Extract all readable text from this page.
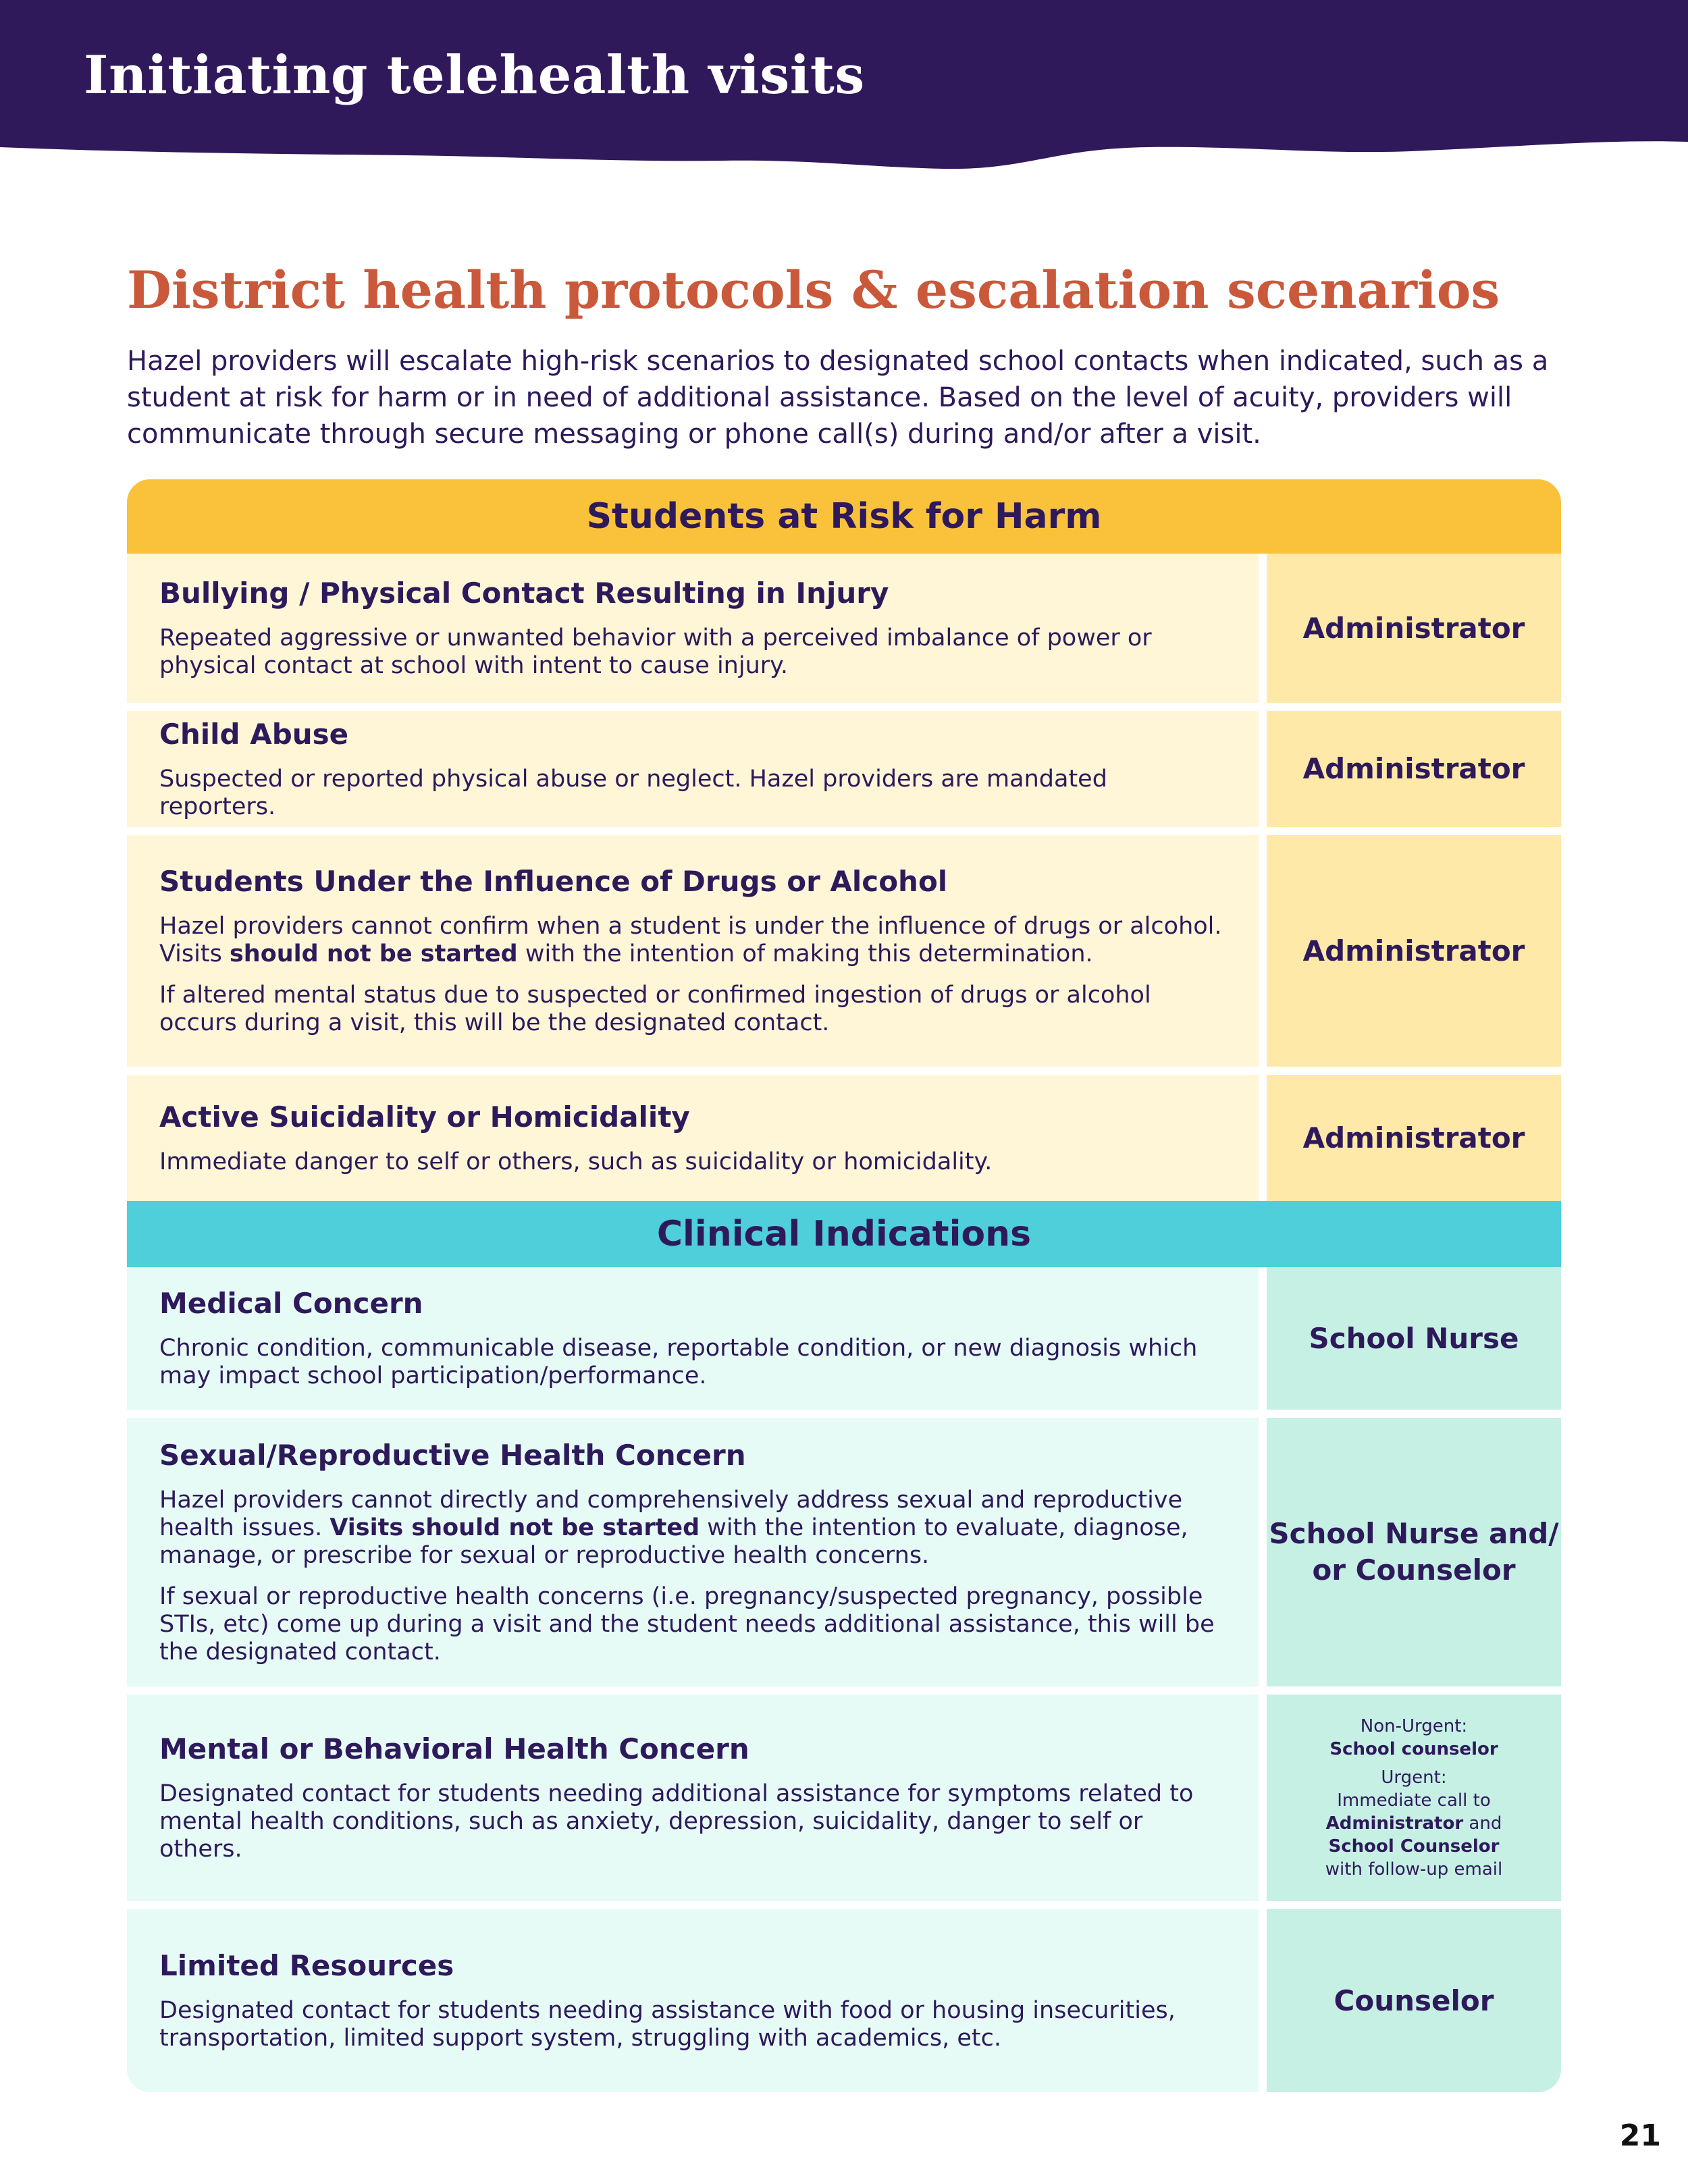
Initiating telehealth visits
District health protocols & escalation scenarios

Hazel providers will escalate high-risk scenarios to designated school contacts when indicated, such as a student at risk for harm or in need of additional assistance. Based on the level of acuity, providers will communicate through secure messaging or phone call(s) during and/or after a visit.

Students at Risk for Harm

Bullying / Physical Contact Resulting in Injury

Repeated aggressive or unwanted behavior with a perceived imbalance of power or physical contact at school with intent to cause injury.

Administrator

Child Abuse

Suspected or reported physical abuse or neglect. Hazel providers are mandated reporters.

Administrator

Students Under the Influence of Drugs or Alcohol

Hazel providers cannot confirm when a student is under the influence of drugs or alcohol. Visits should not be started with the intention of making this determination.

If altered mental status due to suspected or confirmed ingestion of drugs or alcohol occurs during a visit, this will be the designated contact.

Administrator

Active Suicidality or Homicidality

Immediate danger to self or others, such as suicidality or homicidality.

Administrator
Clinical Indications

Medical Concern

Chronic condition, communicable disease, reportable condition, or new diagnosis which may impact school participation/performance.

School Nurse

Sexual/Reproductive Health Concern

Hazel providers cannot directly and comprehensively address sexual and reproductive health issues. Visits should not be started with the intention to evaluate, diagnose, manage, or prescribe for sexual or reproductive health concerns.

If sexual or reproductive health concerns (i.e. pregnancy/suspected pregnancy, possible STIs, etc) come up during a visit and the student needs additional assistance, this will be the designated contact.

School Nurse and/
or Counselor

Mental or Behavioral Health Concern

Designated contact for students needing additional assistance for symptoms related to mental health conditions, such as anxiety, depression, suicidality, danger to self or others.

Non-Urgent:
School counselor
Urgent:
Immediate call to
Administrator and
School Counselor
with follow-up email

Limited Resources

Designated contact for students needing assistance with food or housing insecurities, transportation, limited support system, struggling with academics, etc.

Counselor
21
